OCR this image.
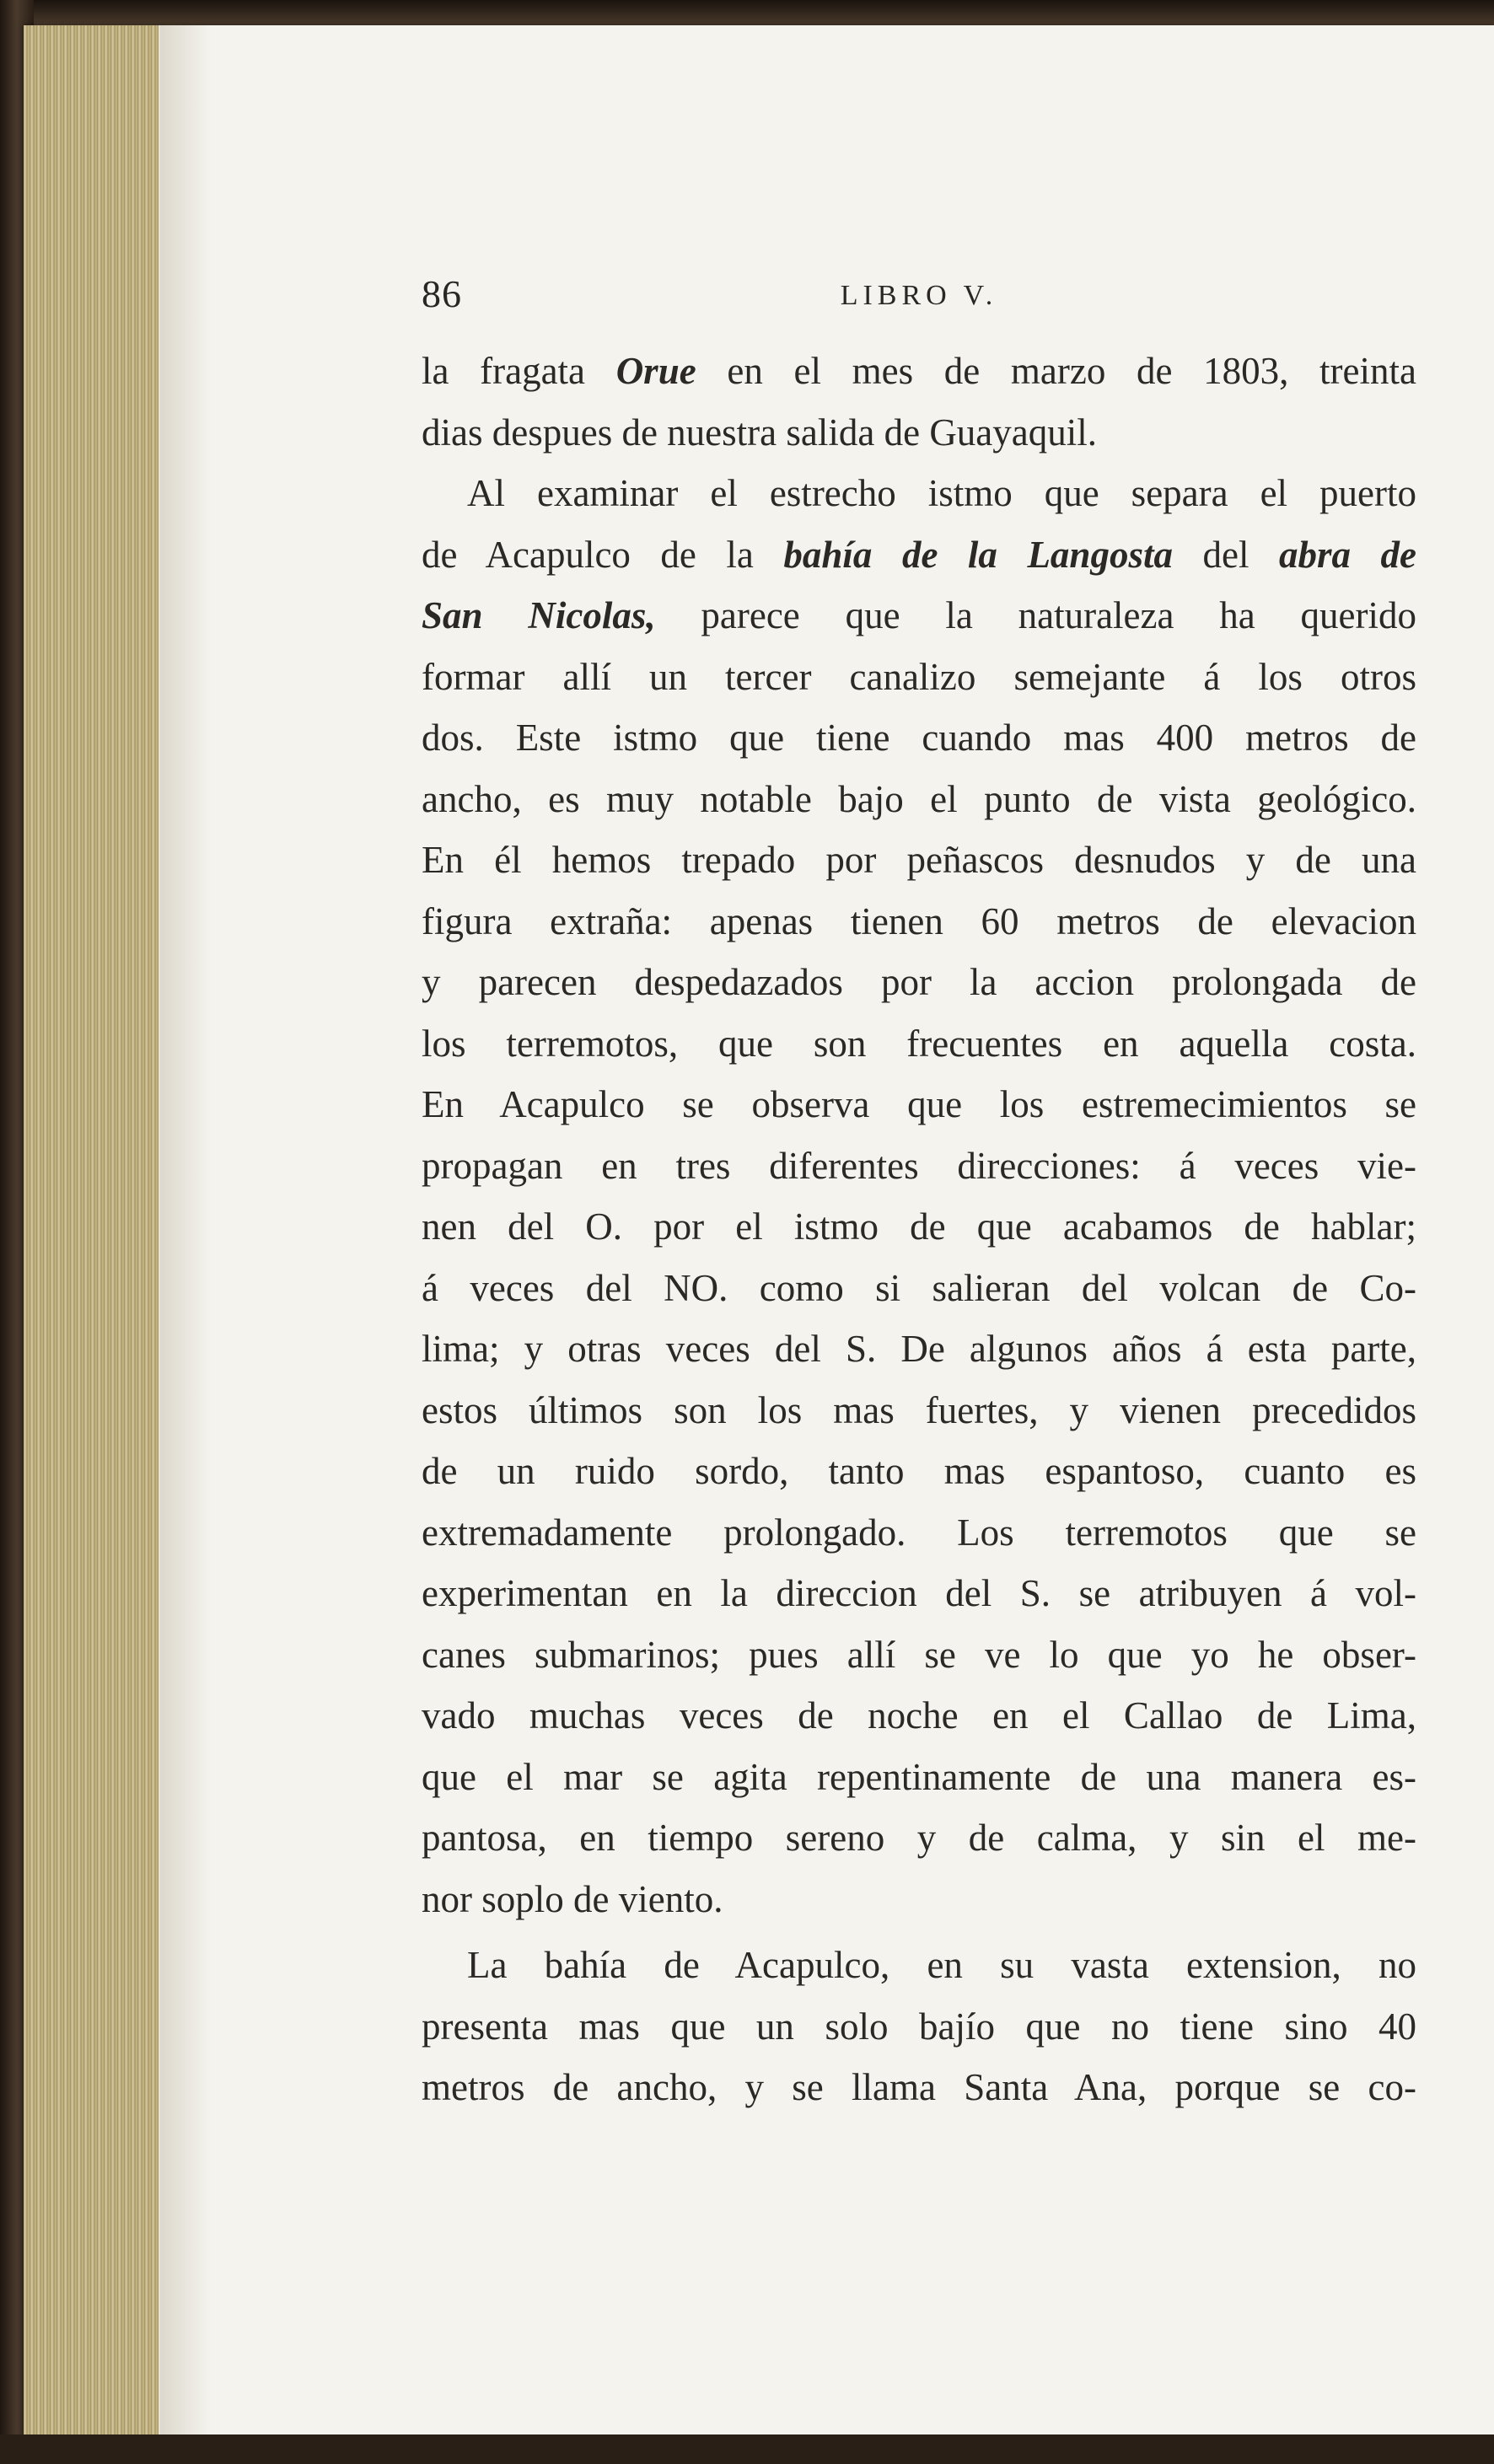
86	LIBRO V.
la fragata Orue en el mes de marzo de 1803, treinta
dias despues de nuestra salida de Guayaquil.
Al examinar el estrecho istmo que separa el puerto
de Acapulco de la bahía de la Langosta del abra de
San Nicolas, parece que la naturaleza ha querido
formar allí un tercer canalizo semejante á los otros
dos. Este istmo que tiene cuando mas 400 metros de
ancho, es muy notable bajo el punto de vista geológico.
En él hemos trepado por peñascos desnudos y de una
figura extraña: apenas tienen 60 metros de elevacion
y parecen despedazados por la accion prolongada de
los terremotos, que son frecuentes en aquella costa.
En Acapulco se observa que los estremecimientos se
propagan en tres diferentes direcciones: á veces vie-
nen del O. por el istmo de que acabamos de hablar;
á veces del NO. como si salieran del volcan de Co-
lima; y otras veces del S. De algunos años á esta parte,
estos últimos son los mas fuertes, y vienen precedidos
de un ruido sordo, tanto mas espantoso, cuanto es
extremadamente prolongado. Los terremotos que se
experimentan en la direccion del S. se atribuyen á vol-
canes submarinos; pues allí se ve lo que yo he obser-
vado muchas veces de noche en el Callao de Lima,
que el mar se agita repentinamente de una manera es-
pantosa, en tiempo sereno y de calma, y sin el me-
nor soplo de viento.
La bahía de Acapulco, en su vasta extension, no
presenta mas que un solo bajío que no tiene sino 40
metros de ancho, y se llama Santa Ana, porque se co-
